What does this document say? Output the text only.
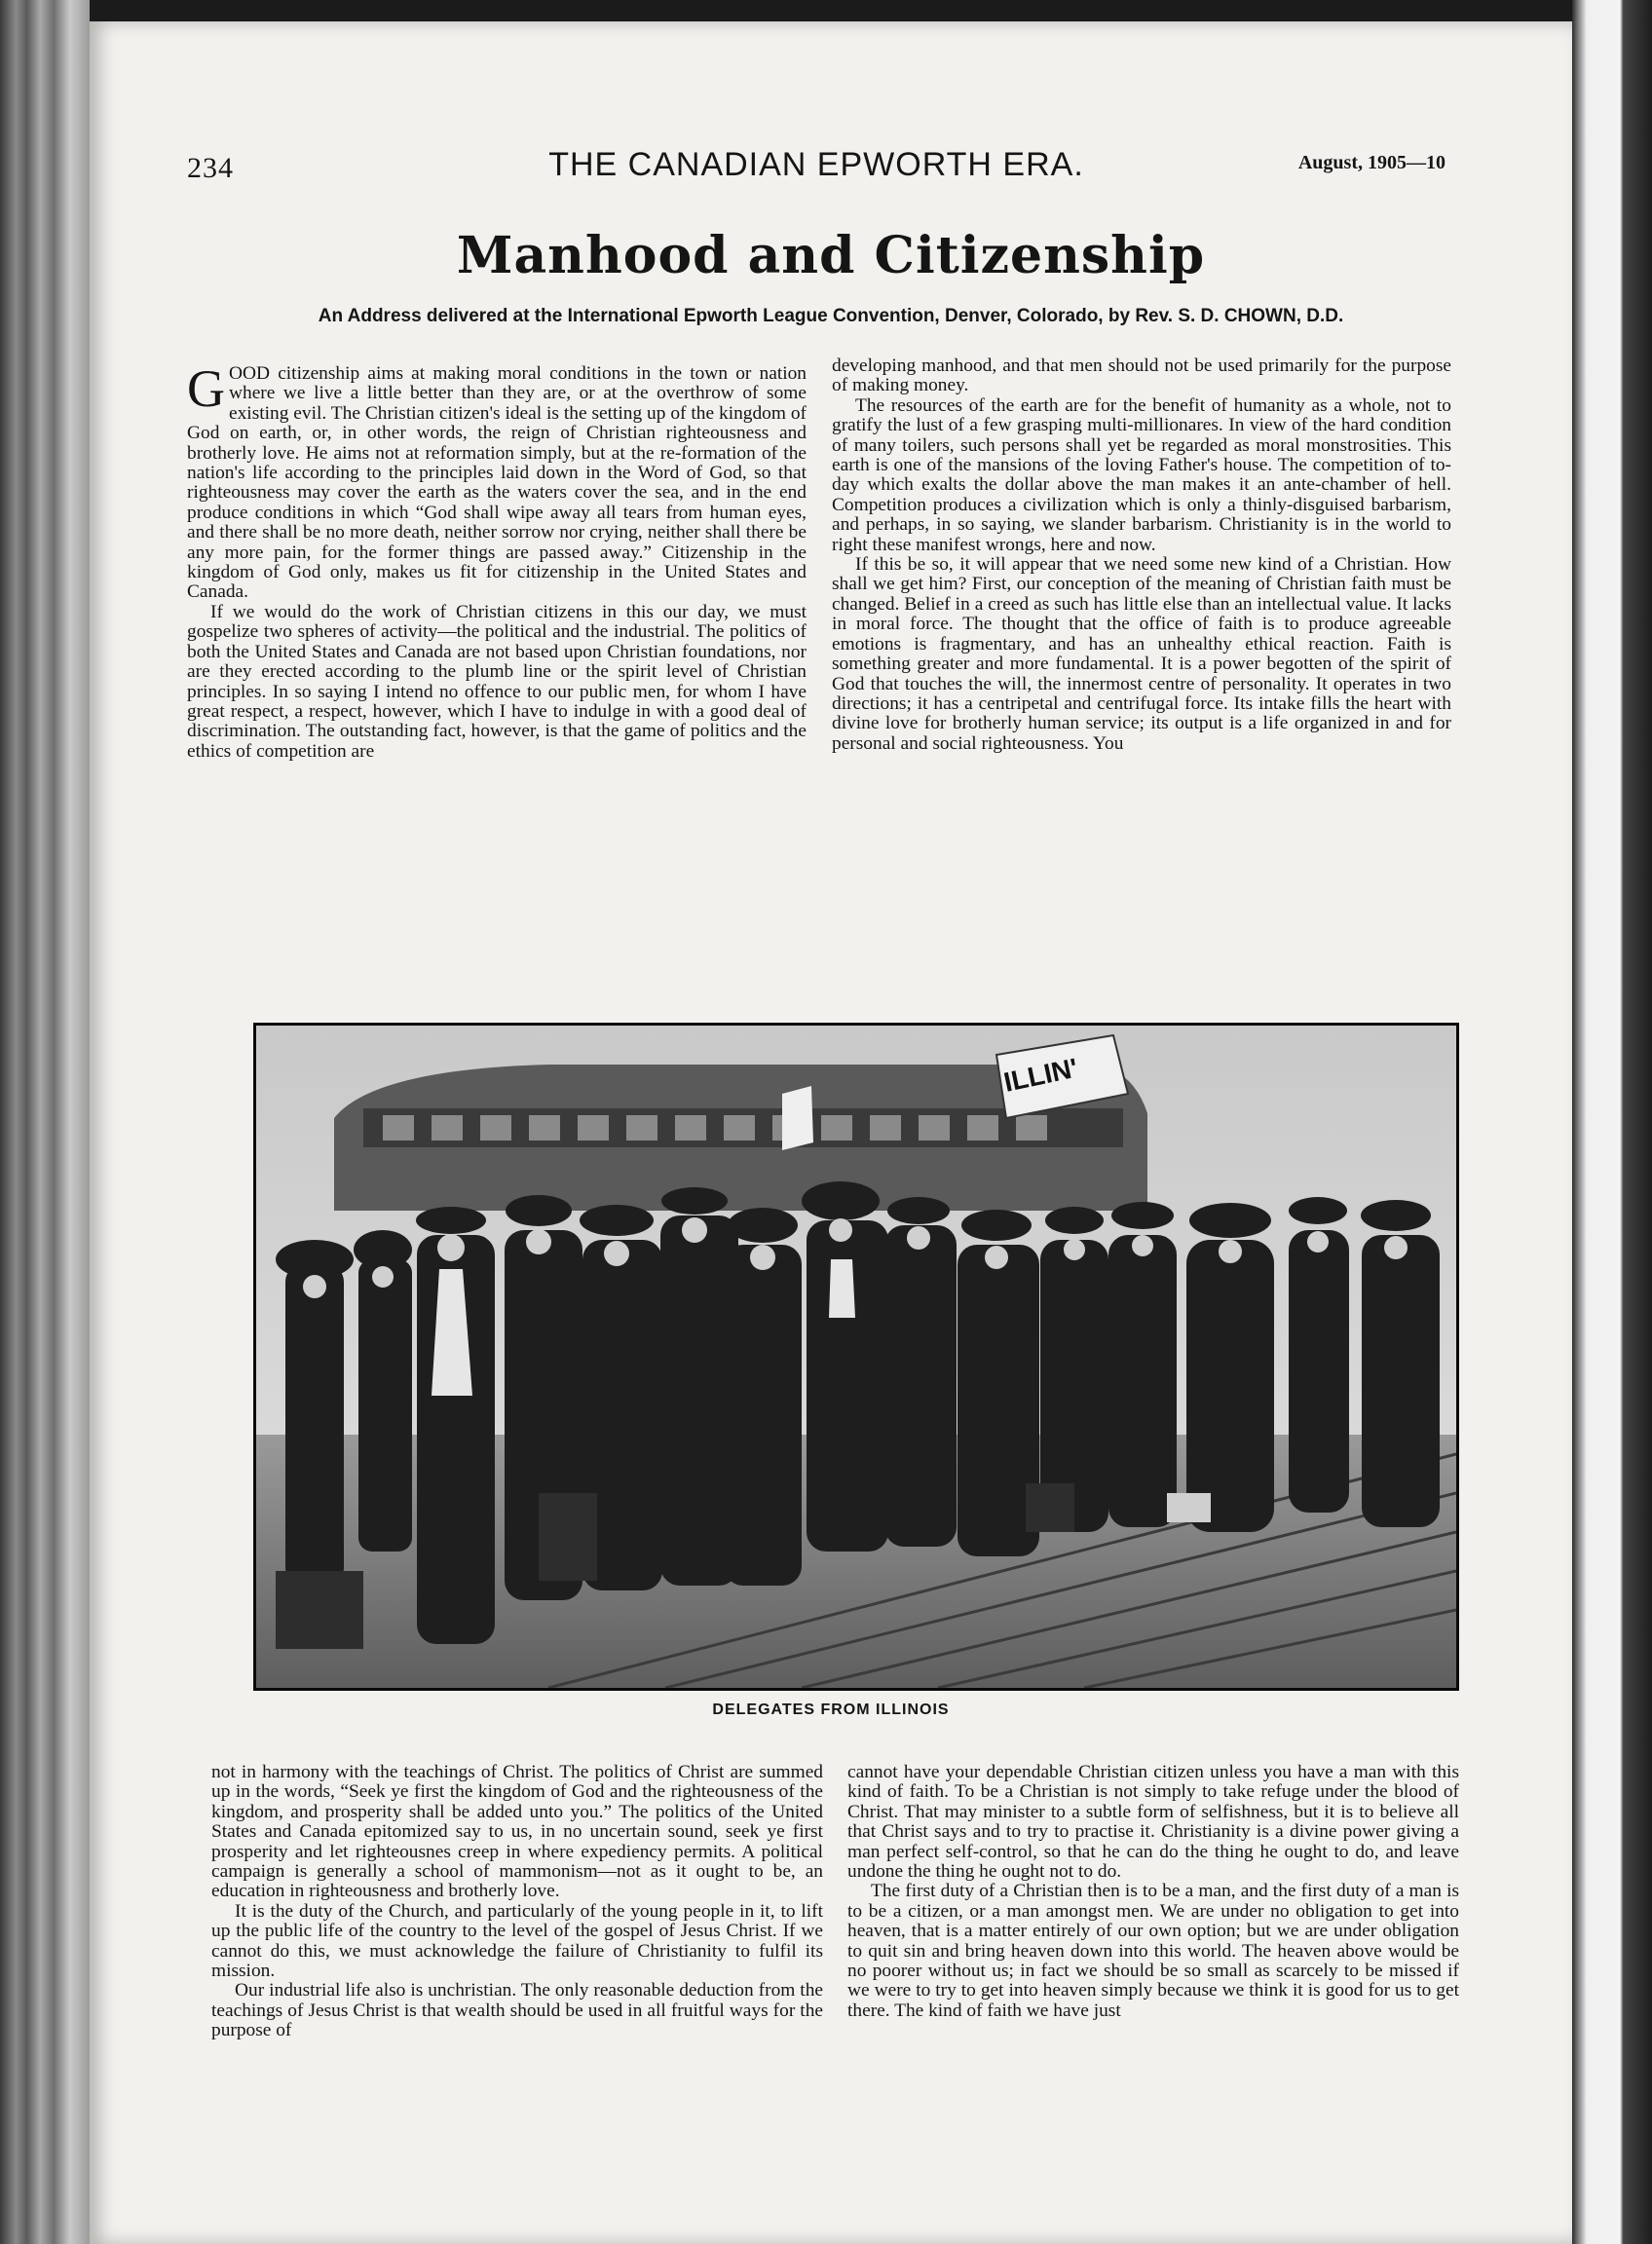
234	THE CANADIAN EPWORTH ERA.	August, 1905—10
Manhood and Citizenship
An Address delivered at the International Epworth League Convention, Denver, Colorado, by Rev. S. D. CHOWN, D.D.

GOOD citizenship aims at making moral conditions in the town or nation where we live a little better than they are, or at the overthrow of some existing evil. The Christian citizen's ideal is the setting up of the kingdom of God on earth, or, in other words, the reign of Christian righteousness and brotherly love. He aims not at reformation simply, but at the re-formation of the nation's life according to the principles laid down in the Word of God, so that righteousness may cover the earth as the waters cover the sea, and in the end produce conditions in which “God shall wipe away all tears from human eyes, and there shall be no more death, neither sorrow nor crying, neither shall there be any more pain, for the former things are passed away.” Citizenship in the kingdom of God only, makes us fit for citizenship in the United States and Canada.

If we would do the work of Christian citizens in this our day, we must gospelize two spheres of activity—the political and the industrial. The politics of both the United States and Canada are not based upon Christian foundations, nor are they erected according to the plumb line or the spirit level of Christian principles. In so saying I intend no offence to our public men, for whom I have great respect, a respect, however, which I have to indulge in with a good deal of discrimination. The outstanding fact, however, is that the game of politics and the ethics of competition are

developing manhood, and that men should not be used primarily for the purpose of making money.

The resources of the earth are for the benefit of humanity as a whole, not to gratify the lust of a few grasping multi-millionares. In view of the hard condition of many toilers, such persons shall yet be regarded as moral monstrosities. This earth is one of the mansions of the loving Father's house. The competition of to-day which exalts the dollar above the man makes it an ante-chamber of hell. Competition produces a civilization which is only a thinly-disguised barbarism, and perhaps, in so saying, we slander barbarism. Christianity is in the world to right these manifest wrongs, here and now.

If this be so, it will appear that we need some new kind of a Christian. How shall we get him? First, our conception of the meaning of Christian faith must be changed. Belief in a creed as such has little else than an intellectual value. It lacks in moral force. The thought that the office of faith is to produce agreeable emotions is fragmentary, and has an unhealthy ethical reaction. Faith is something greater and more fundamental. It is a power begotten of the spirit of God that touches the will, the innermost centre of personality. It operates in two directions; it has a centripetal and centrifugal force. Its intake fills the heart with divine love for brotherly human service; its output is a life organized in and for personal and social righteousness. You

ILLIN'
DELEGATES FROM ILLINOIS

not in harmony with the teachings of Christ. The politics of Christ are summed up in the words, “Seek ye first the kingdom of God and the righteousness of the kingdom, and prosperity shall be added unto you.” The politics of the United States and Canada epitomized say to us, in no uncertain sound, seek ye first prosperity and let righteousnes creep in where expediency permits. A political campaign is generally a school of mammonism—not as it ought to be, an education in righteousness and brotherly love.

It is the duty of the Church, and particularly of the young people in it, to lift up the public life of the country to the level of the gospel of Jesus Christ. If we cannot do this, we must acknowledge the failure of Christianity to fulfil its mission.

Our industrial life also is unchristian. The only reasonable deduction from the teachings of Jesus Christ is that wealth should be used in all fruitful ways for the purpose of

cannot have your dependable Christian citizen unless you have a man with this kind of faith. To be a Christian is not simply to take refuge under the blood of Christ. That may minister to a subtle form of selfishness, but it is to believe all that Christ says and to try to practise it. Christianity is a divine power giving a man perfect self-control, so that he can do the thing he ought to do, and leave undone the thing he ought not to do.

The first duty of a Christian then is to be a man, and the first duty of a man is to be a citizen, or a man amongst men. We are under no obligation to get into heaven, that is a matter entirely of our own option; but we are under obligation to quit sin and bring heaven down into this world. The heaven above would be no poorer without us; in fact we should be so small as scarcely to be missed if we were to try to get into heaven simply because we think it is good for us to get there. The kind of faith we have just
